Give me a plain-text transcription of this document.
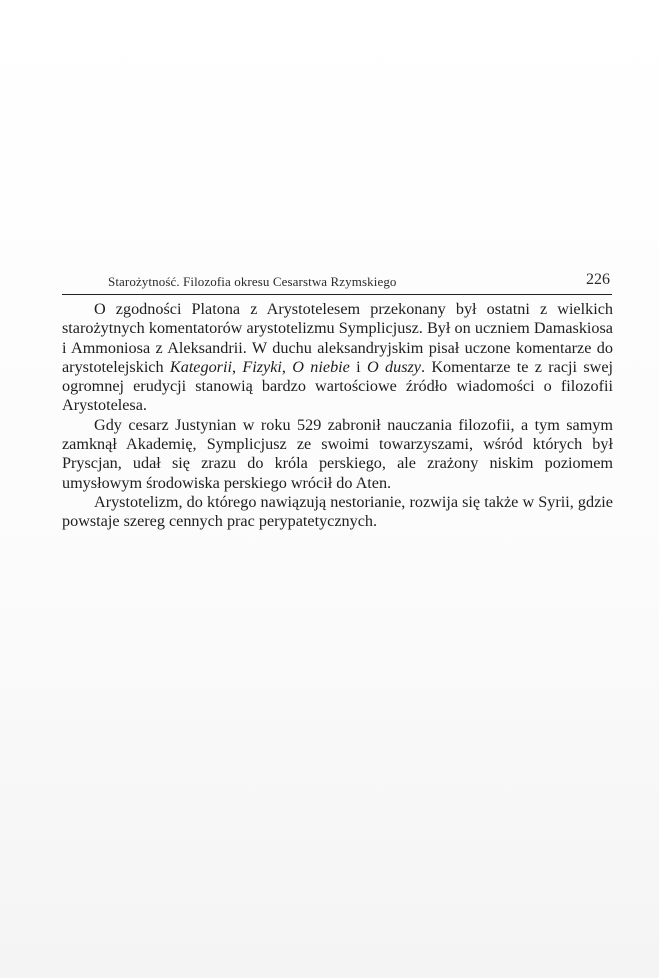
Starożytność. Filozofia okresu Cesarstwa Rzymskiego	226

O zgodności Platona z Arystotelesem przekonany był ostatni z wielkich starożytnych komentatorów arystotelizmu Symplicjusz. Był on uczniem Damaskiosa i Ammoniosa z Aleksandrii. W duchu aleksandryjskim pisał uczone komentarze do arystotelejskich Kategorii, Fizyki, O niebie i O duszy. Komentarze te z racji swej ogromnej erudycji stanowią bardzo wartościowe źródło wiadomości o filozofii Arystotelesa.

Gdy cesarz Justynian w roku 529 zabronił nauczania filozofii, a tym samym zamknął Akademię, Symplicjusz ze swoimi towarzyszami, wśród których był Pryscjan, udał się zrazu do króla perskiego, ale zrażony niskim poziomem umysłowym środowiska perskiego wrócił do Aten.

Arystotelizm, do którego nawiązują nestorianie, rozwija się także w Syrii, gdzie powstaje szereg cennych prac perypatetycznych.
